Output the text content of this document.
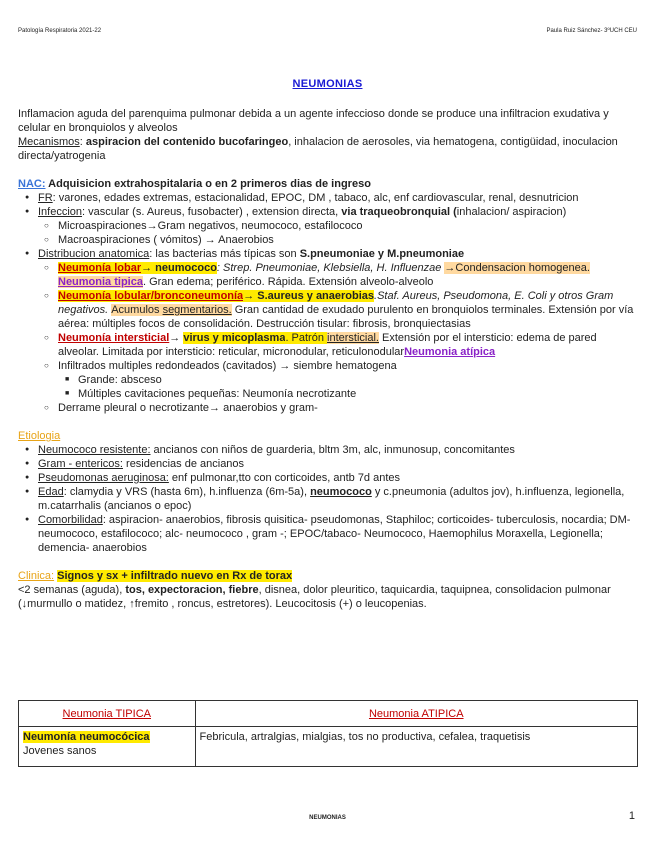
Patología Respiratoria 2021-22	Paula Ruiz Sánchez- 3ºUCH CEU
NEUMONIAS

Inflamacion aguda del parenquima pulmonar debida a un agente infeccioso donde se produce una infiltracion exudativa y celular en bronquiolos y alveolos

Mecanismos: aspiracion del contenido bucofaringeo, inhalacion de aerosoles, via hematogena, contigüidad, inoculacion directa/yatrogenia

NAC: Adquisicion extrahospitalaria o en 2 primeros dias de ingreso

● FR: varones, edades extremas, estacionalidad, EPOC, DM , tabaco, alc, enf cardiovascular, renal, desnutricion
● Infeccion: vascular (s. Aureus, fusobacter) , extension directa, via traqueobronquial (inhalacion/ aspiracion)
○ Microaspiraciones→Gram negativos, neumococo, estafilococo
○ Macroaspiraciones ( vómitos) → Anaerobios
● Distribucion anatomica: las bacterias más típicas son S.pneumoniae y M.pneumoniae
○ Neumonía lobar→ neumococo: Strep. Pneumoniae, Klebsiella, H. Influenzae →Condensacion homogenea. Neumonia tipica. Gran edema; periférico. Rápida. Extensión alveolo-alveolo
○ Neumonía lobular/bronconeumonía→ S.aureus y anaerobias.Staf. Aureus, Pseudomona, E. Coli y otros Gram negativos. Acumulos segmentarios. Gran cantidad de exudado purulento en bronquiolos terminales. Extensión por vía aérea: múltiples focos de consolidación. Destrucción tisular: fibrosis, bronquiectasias
○ Neumonía intersticial→ virus y micoplasma. Patrón intersticial. Extensión por el intersticio: edema de pared alveolar. Limitada por intersticio: reticular, micronodular, reticulonodularNeumonia atípica
○ Infiltrados multiples redondeados (cavitados) → siembre hematogena
■ Grande: absceso
■ Múltiples cavitaciones pequeñas: Neumonía necrotizante
○ Derrame pleural o necrotizante→ anaerobios y gram-

Etiologia

● Neumococo resistente: ancianos con niños de guarderia, bltm 3m, alc, inmunosup, concomitantes
● Gram - entericos: residencias de ancianos
● Pseudomonas aeruginosa: enf pulmonar,tto con corticoides, antb 7d antes
● Edad: clamydia y VRS (hasta 6m), h.influenza (6m-5a), neumococo y c.pneumonia (adultos jov), h.influenza, legionella, m.catarrhalis (ancianos o epoc)
● Comorbilidad: aspiracion- anaerobios, fibrosis quisitica- pseudomonas, Staphiloc; corticoides- tuberculosis, nocardia; DM- neumococo, estafilococo; alc- neumococo , gram -; EPOC/tabaco- Neumococo, Haemophilus Moraxella, Legionella; demencia- anaerobios

Clinica: Signos y sx + infiltrado nuevo en Rx de torax

<2 semanas (aguda), tos, expectoracion, fiebre, disnea, dolor pleuritico, taquicardia, taquipnea, consolidacion pulmonar (↓murmullo o matidez, ↑fremito , roncus, estretores). Leucocitosis (+) o leucopenias.

Neumonia TIPICA	Neumonia ATIPICA
Neumonía neumocócica
Jovenes sanos	Febricula, artralgias, mialgias, tos no productiva, cefalea, traquetisis
NEUMONIAS	1
